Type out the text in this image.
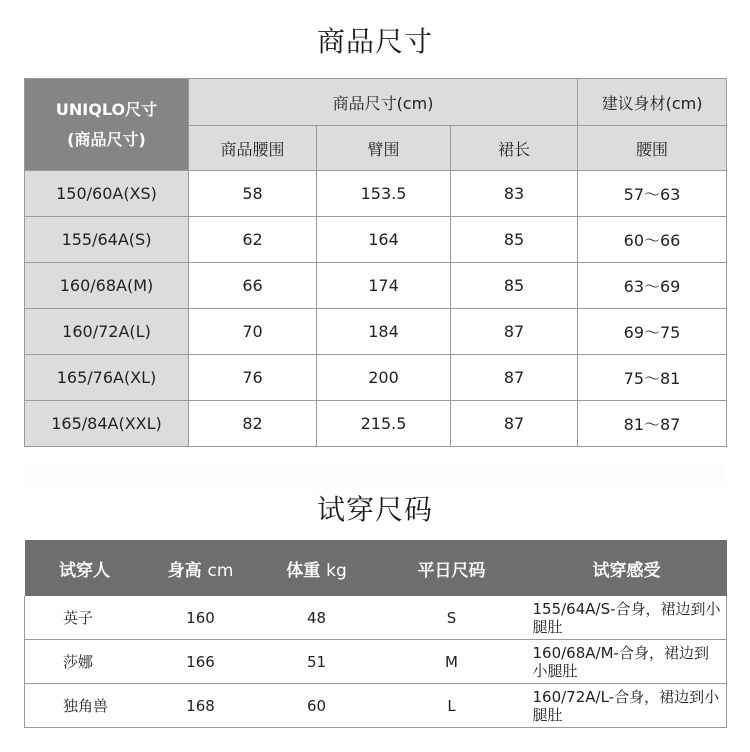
商品尺寸
UNIQLO尺寸
(商品尺寸)	商品尺寸(cm)			建议身材(cm)
	商品腰围	臂围	裙长	腰围
150/60A(XS)	58	153.5	83	57～63
155/64A(S)	62	164	85	60～66
160/68A(M)	66	174	85	63～69
160/72A(L)	70	184	87	69～75
165/76A(XL)	76	200	87	75～81
165/84A(XXL)	82	215.5	87	81～87
试穿尺码
试穿人	身高 cm	体重 kg	平日尺码	试穿感受
英子	160	48	S	155/64A/S-合身，裙边到小腿肚
莎娜	166	51	M	160/68A/M-合身，裙边到小腿肚
独角兽	168	60	L	160/72A/L-合身，裙边到小腿肚
